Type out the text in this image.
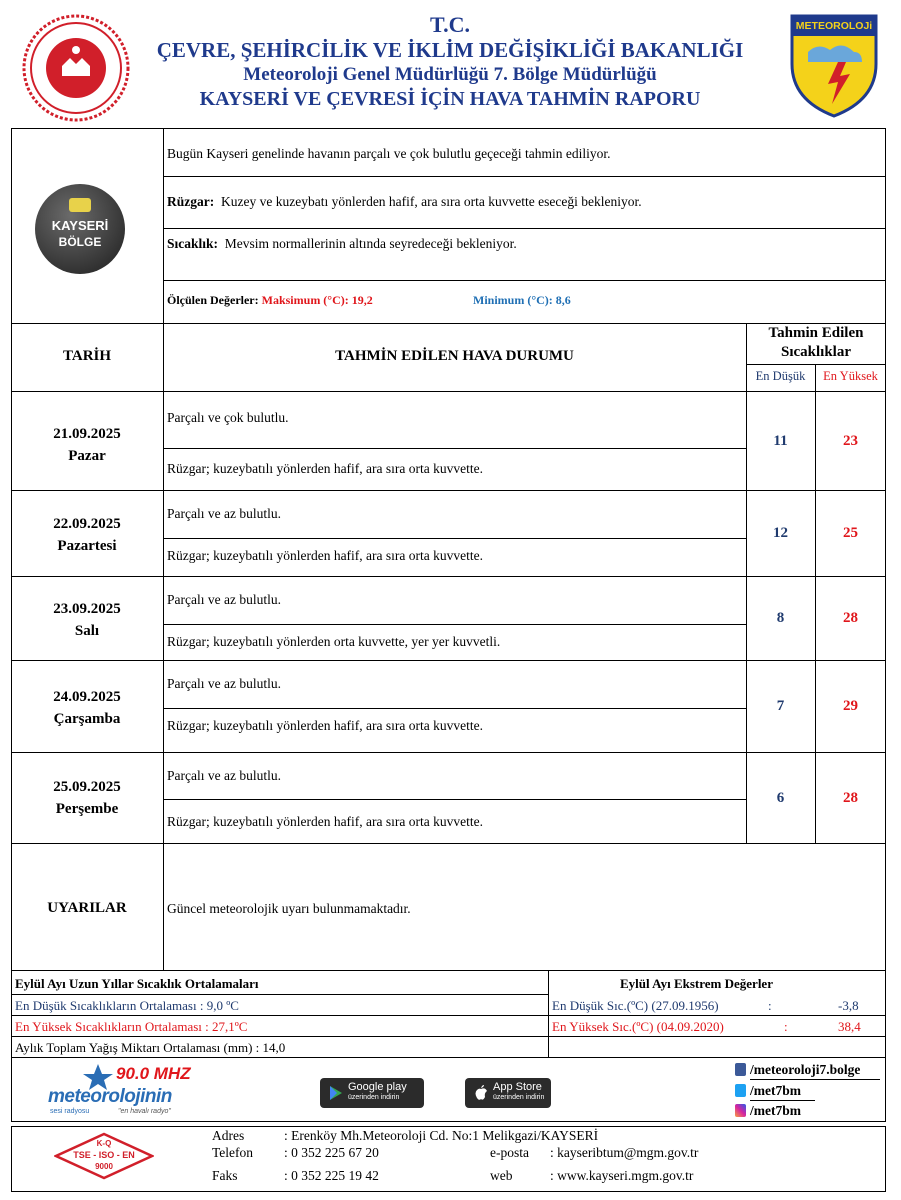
T.C.
ÇEVRE, ŞEHİRCİLİK VE İKLİM DEĞİŞİKLİĞİ BAKANLIĞI
Meteoroloji Genel Müdürlüğü 7. Bölge Müdürlüğü
KAYSERİ VE ÇEVRESİ İÇİN HAVA TAHMİN RAPORU
METEOROLOJi
KAYSERİ
BÖLGE
Bugün Kayseri genelinde havanın parçalı ve çok bulutlu geçeceği tahmin ediliyor.
Rüzgar: Kuzey ve kuzeybatı yönlerden hafif, ara sıra orta kuvvette eseceği bekleniyor.
Sıcaklık: Mevsim normallerinin altında seyredeceği bekleniyor.
Ölçülen Değerler: Maksimum (°C): 19,2	Minimum (°C): 8,6
TARİH	TAHMİN EDİLEN HAVA DURUMU
Tahmin Edilen
Sıcaklıklar
En Düşük	En Yüksek
21.09.2025
Pazar
Parçalı ve çok bulutlu.
Rüzgar; kuzeybatılı yönlerden hafif, ara sıra orta kuvvette.
11	23
22.09.2025
Pazartesi
Parçalı ve az bulutlu.
Rüzgar; kuzeybatılı yönlerden hafif, ara sıra orta kuvvette.
12	25
23.09.2025
Salı
Parçalı ve az bulutlu.
Rüzgar; kuzeybatılı yönlerden orta kuvvette, yer yer kuvvetli.
8	28
24.09.2025
Çarşamba
Parçalı ve az bulutlu.
Rüzgar; kuzeybatılı yönlerden hafif, ara sıra orta kuvvette.
7	29
25.09.2025
Perşembe
Parçalı ve az bulutlu.
Rüzgar; kuzeybatılı yönlerden hafif, ara sıra orta kuvvette.
6	28
UYARILAR	Güncel meteorolojik uyarı bulunmamaktadır.
Eylül Ayı Uzun Yıllar Sıcaklık Ortalamaları
En Düşük Sıcaklıkların Ortalaması : 9,0 ºC
En Yüksek Sıcaklıkların Ortalaması : 27,1ºC
Aylık Toplam Yağış Miktarı Ortalaması (mm) : 14,0
Eylül Ayı Ekstrem Değerler
En Düşük Sıc.(ºC) (27.09.1956)	:	-3,8
En Yüksek Sıc.(ºC) (04.09.2020)	:	38,4
90.0 MHZ
meteorolojinin
sesi radyosu	"en havalı radyo"
Google play
üzerinden indirin
App Store
üzerinden indirin
/meteoroloji7.bolge
/met7bm
/met7bm
K-Q
TSE - ISO - EN
9000
Adres	: Erenköy Mh.Meteoroloji Cd. No:1 Melikgazi/KAYSERİ
Telefon : 0 352 225 67 20	e-posta : kayseribtum@mgm.gov.tr
Faks	: 0 352 225 19 42	web	: www.kayseri.mgm.gov.tr
